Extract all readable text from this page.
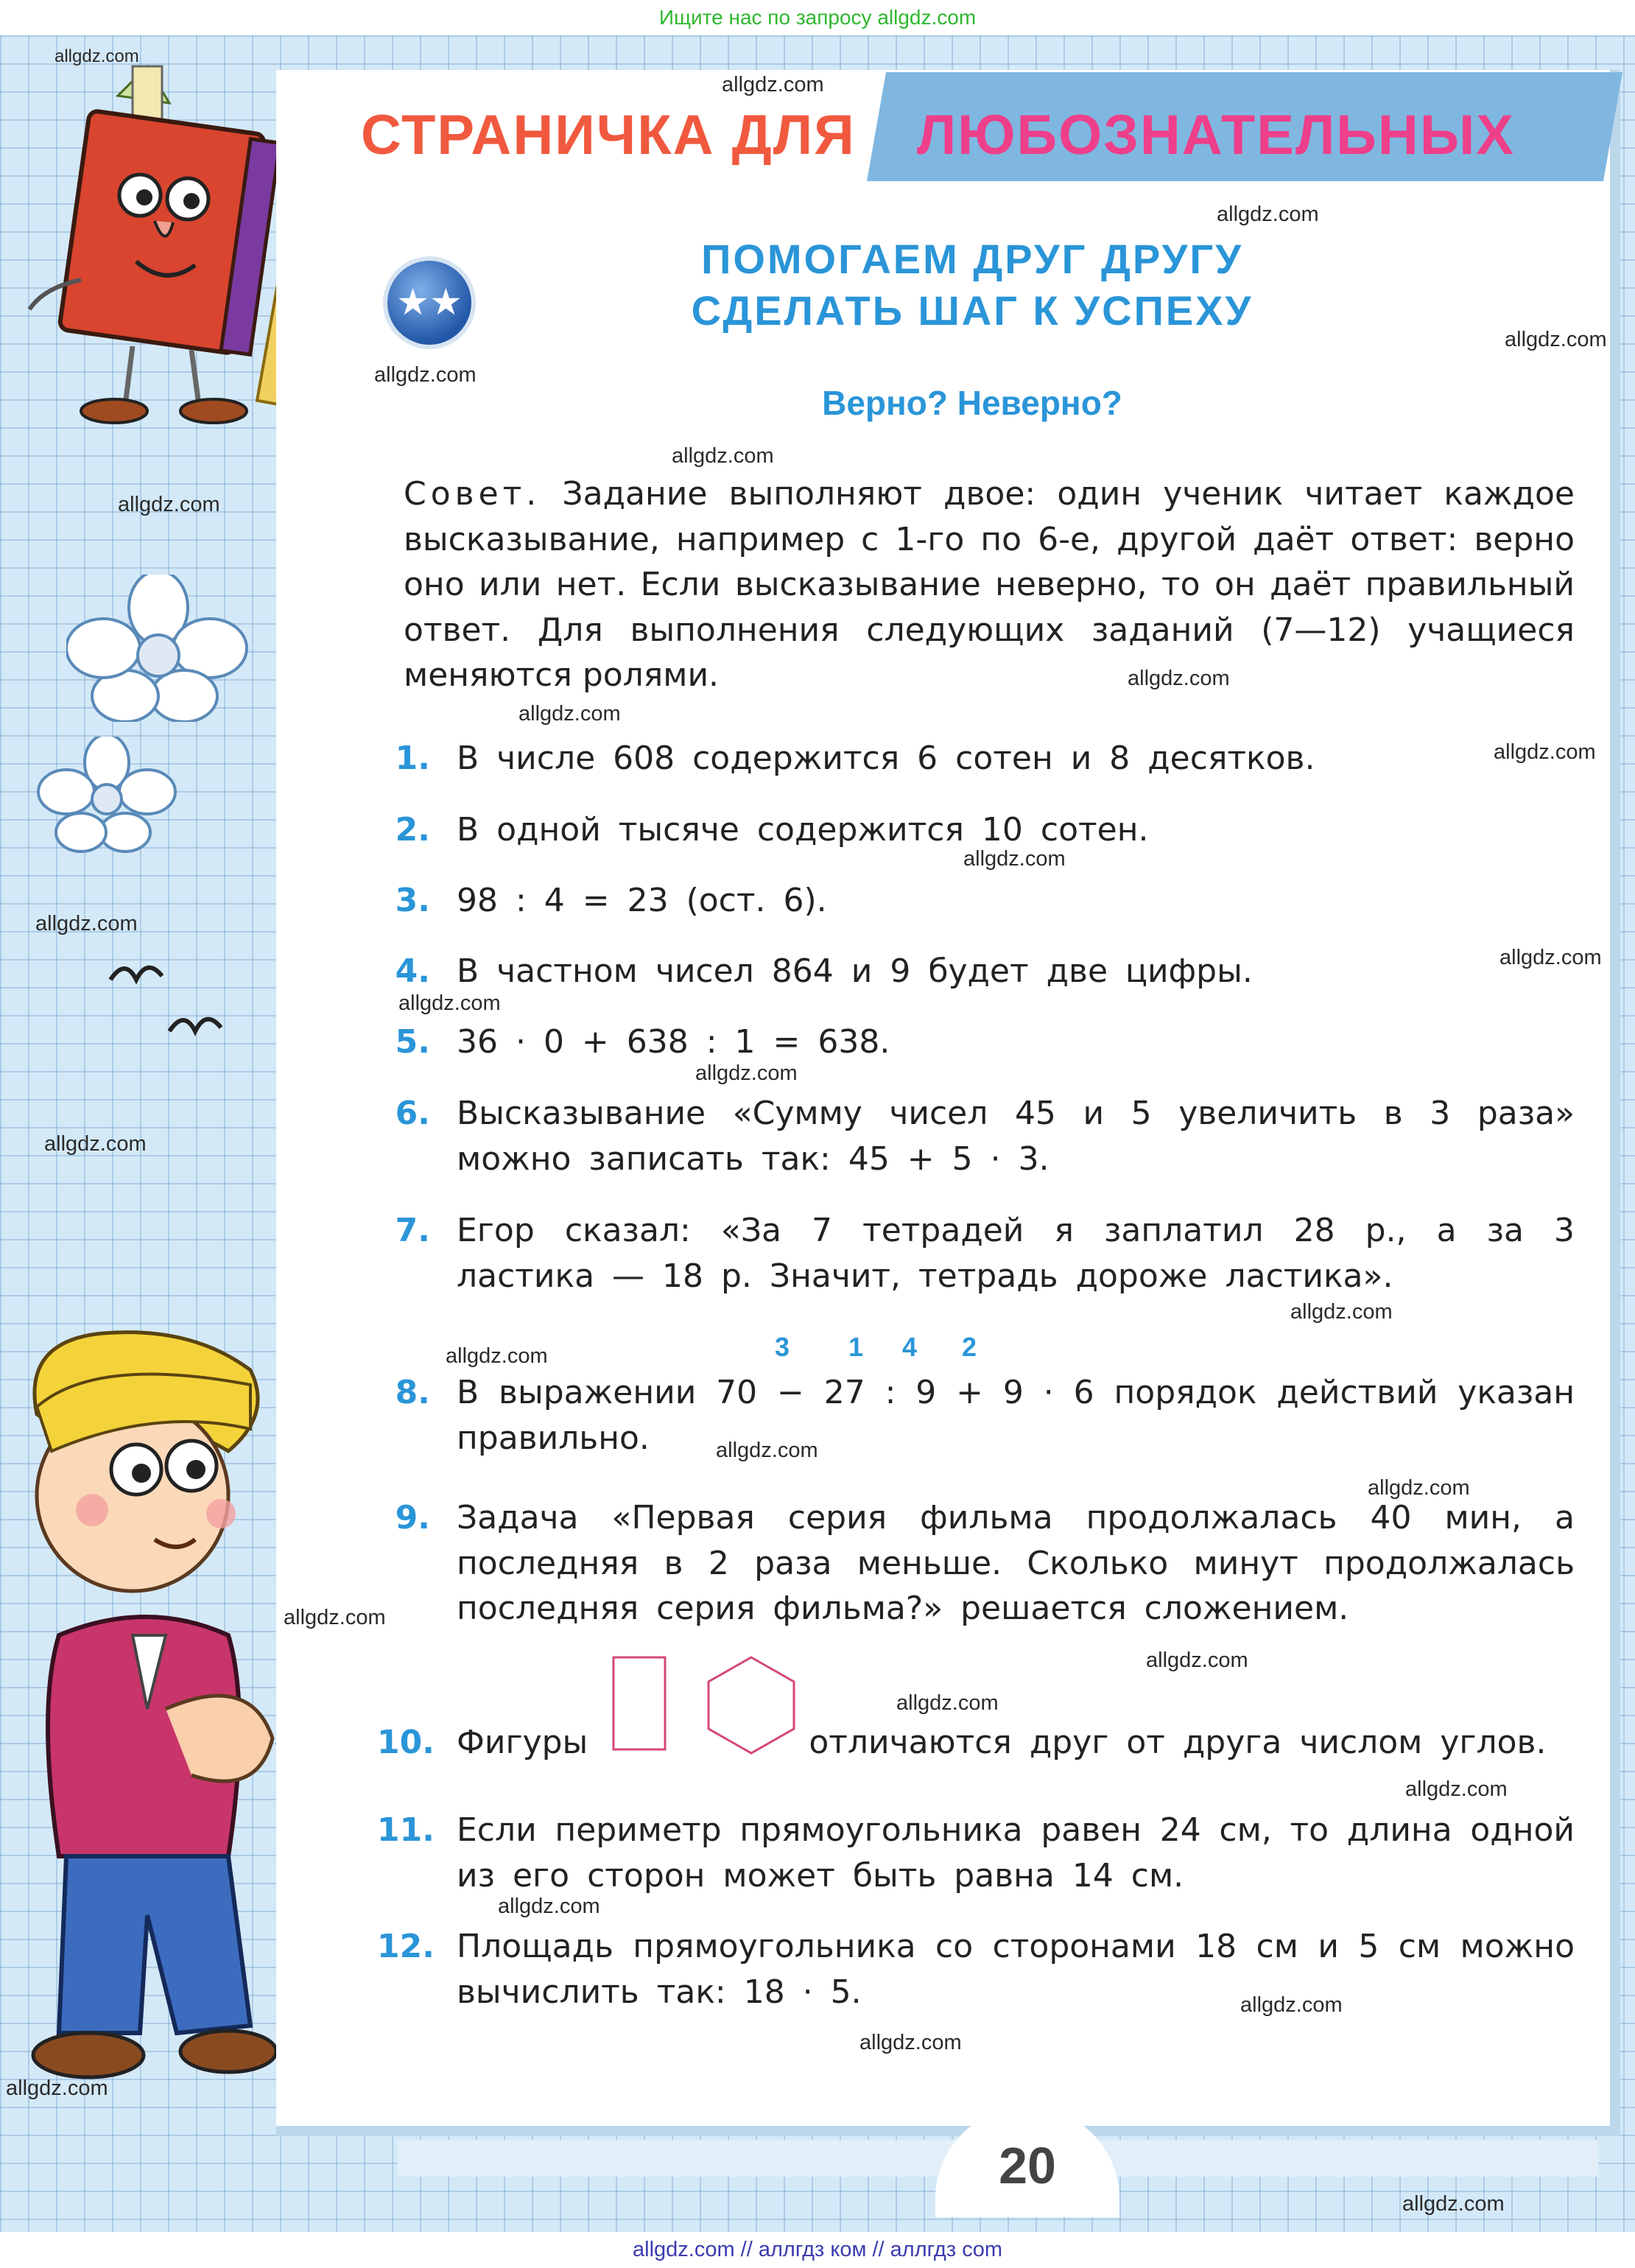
Ищите нас по запросу allgdz.com
СТРАНИЧКА ДЛЯ ЛЮБОЗНАТЕЛЬНЫХ
★★
ПОМОГАЕМ ДРУГ ДРУГУ
СДЕЛАТЬ ШАГ К УСПЕХУ
Верно? Неверно?
Совет. Задание выполняют двое: один ученик читает каждое высказывание, например с 1-го по 6-е, другой даёт ответ: верно оно или нет. Если высказывание неверно, то он даёт правильный ответ. Для выполнения следующих заданий (7—12) учащиеся меняются ролями.
1. В числе 608 содержится 6 сотен и 8 десятков.
2. В одной тысяче содержится 10 сотен.
3. 98 : 4 = 23 (ост. 6).
4. В частном чисел 864 и 9 будет две цифры.
5. 36 · 0 + 638 : 1 = 638.
6. Высказывание «Сумму чисел 45 и 5 увеличить в 3 раза» можно записать так: 45 + 5 · 3.
7. Егор сказал: «За 7 тетрадей я заплатил 28 р., а за 3 ластика — 18 р. Значит, тетрадь дороже ластика».
3 1 4 2
8. В выражении 70 − 27 : 9 + 9 · 6 порядок действий указан правильно.
9. Задача «Первая серия фильма продолжалась 40 мин, а последняя в 2 раза меньше. Сколько минут продолжалась последняя серия фильма?» решается сложением.
10. Фигуры	отличаются друг от друга числом углов.
11. Если периметр прямоугольника равен 24 см, то длина одной из его сторон может быть равна 14 см.
12. Площадь прямоугольника со сторонами 18 см и 5 см можно вычислить так: 18 · 5.
20
allgdz.com
allgdz.com
allgdz.com
allgdz.com
allgdz.com
allgdz.com
allgdz.com
allgdz.com
allgdz.com
allgdz.com
allgdz.com
allgdz.com
allgdz.com
allgdz.com
allgdz.com
allgdz.com
allgdz.com
allgdz.com
allgdz.com
allgdz.com
allgdz.com
allgdz.com
allgdz.com
allgdz.com
allgdz.com
allgdz.com
allgdz.com
allgdz.com
allgdz.com
allgdz.com // аллгдз ком // аллгдз com
